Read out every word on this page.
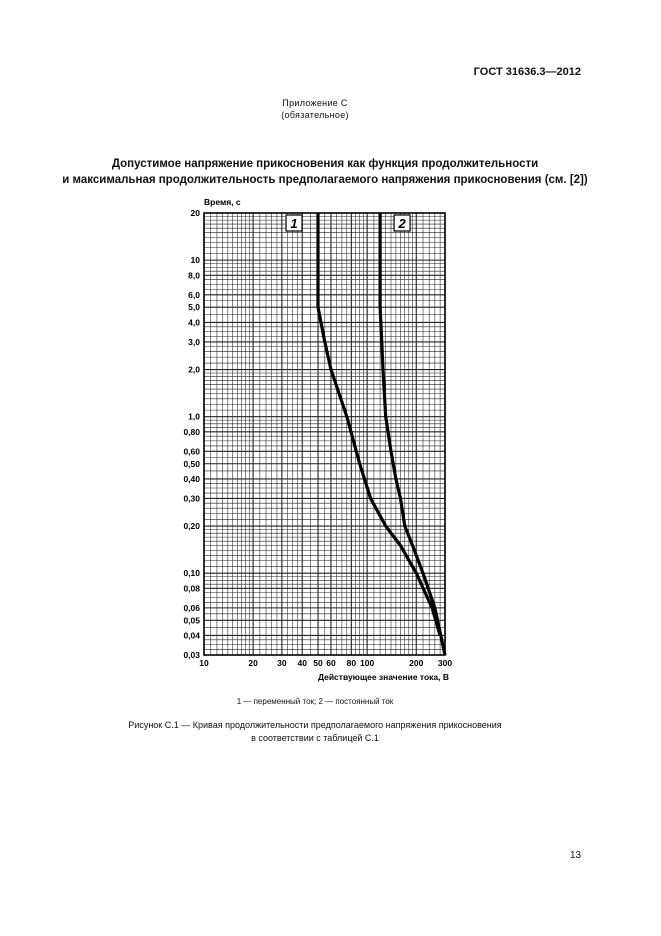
ГОСТ 31636.3—2012
Приложение С
(обязательное)
Допустимое напряжение прикосновения как функция продолжительности
и максимальная продолжительность предполагаемого напряжения прикосновения (см. [2])
0,03
0,04
0,05
0,06
0,08
0,10
0,20
0,30
0,40
0,50
0,60
0,80
1,0
2,0
3,0
4,0
5,0
6,0
8,0
10
20
10	20 30 40 50 60 80 100	200 300
1	2
Время, с
Действующее значение тока, В
1 — переменный ток; 2 — постоянный ток
Рисунок С.1 — Кривая продолжительности предполагаемого напряжения прикосновения
в соответствии с таблицей С.1
13
